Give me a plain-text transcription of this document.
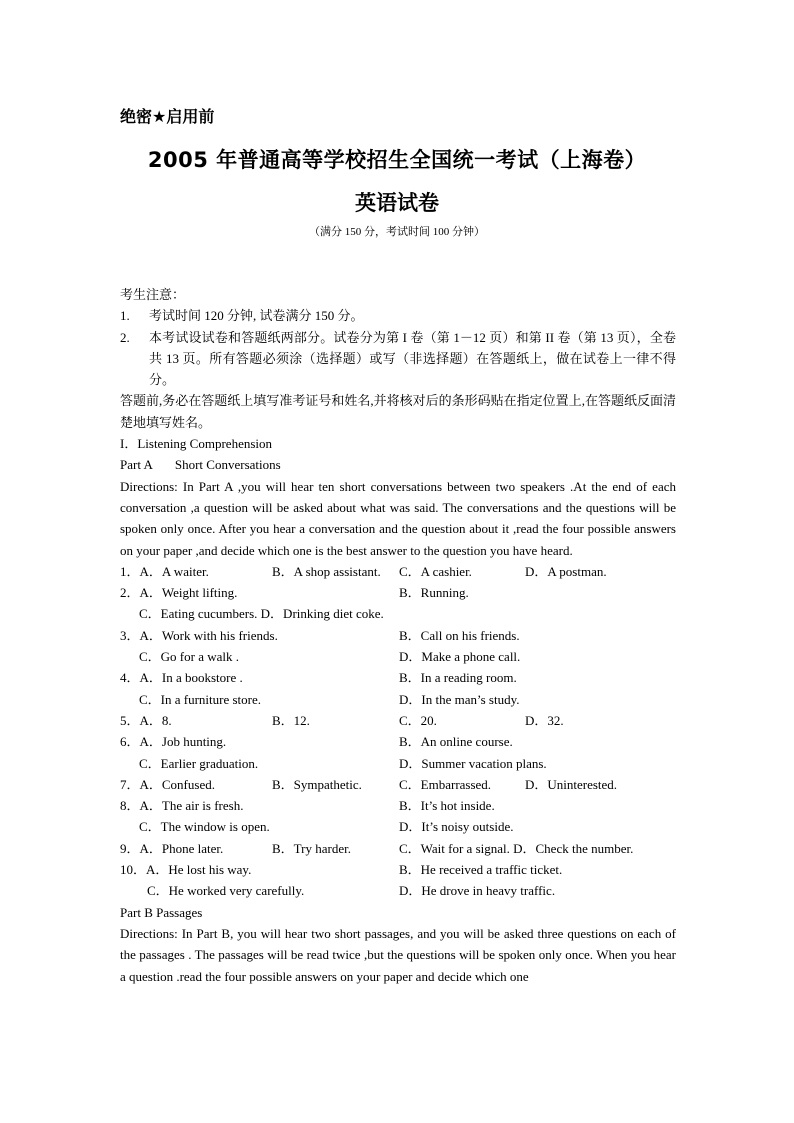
绝密★启用前

2005 年普通高等学校招生全国统一考试（上海卷）
英语试卷
（满分 150 分，考试时间 100 分钟）

考生注意：

1.	考试时间 120 分钟, 试卷满分 150 分。
2.	本考试设试卷和答题纸两部分。试卷分为第 I 卷（第 1－12 页）和第 II 卷（第 13 页），全卷共 13 页。所有答题必须涂（选择题）或写（非选择题）在答题纸上，做在试卷上一律不得分。

答题前,务必在答题纸上填写准考证号和姓名,并将核对后的条形码贴在指定位置上,在答题纸反面清楚地填写姓名。

I．Listening Comprehension

Part A Short Conversations

Directions: In Part A ,you will hear ten short conversations between two speakers .At the end of each conversation ,a question will be asked about what was said. The conversations and the questions will be spoken only once. After you hear a conversation and the question about it ,read the four possible answers on your paper ,and decide which one is the best answer to the question you have heard.

1．A．A waiter.	B．A shop assistant. C．A cashier.	D．A postman.
2．A．Weight lifting.	B．Running.
C．Eating cucumbers. D．Drinking diet coke.
3．A．Work with his friends.	B．Call on his friends.
C．Go for a walk .	D．Make a phone call.
4．A．In a bookstore .	B．In a reading room.
C．In a furniture store.	D．In the man’s study.
5．A．8.	B．12.	C．20.	D．32.
6．A．Job hunting.	B．An online course.
C．Earlier graduation.	D．Summer vacation plans.
7．A．Confused.	B．Sympathetic.	C．Embarrassed.	D．Uninterested.
8．A．The air is fresh.	B．It’s hot inside.
C．The window is open.	D．It’s noisy outside.
9．A．Phone later.	B．Try harder.	C．Wait for a signal. D．Check the number.
10．A．He lost his way.	B．He received a traffic ticket.
C．He worked very carefully.	D．He drove in heavy traffic.

Part B Passages

Directions: In Part B, you will hear two short passages, and you will be asked three questions on each of the passages . The passages will be read twice ,but the questions will be spoken only once. When you hear a question .read the four possible answers on your paper and decide which one
